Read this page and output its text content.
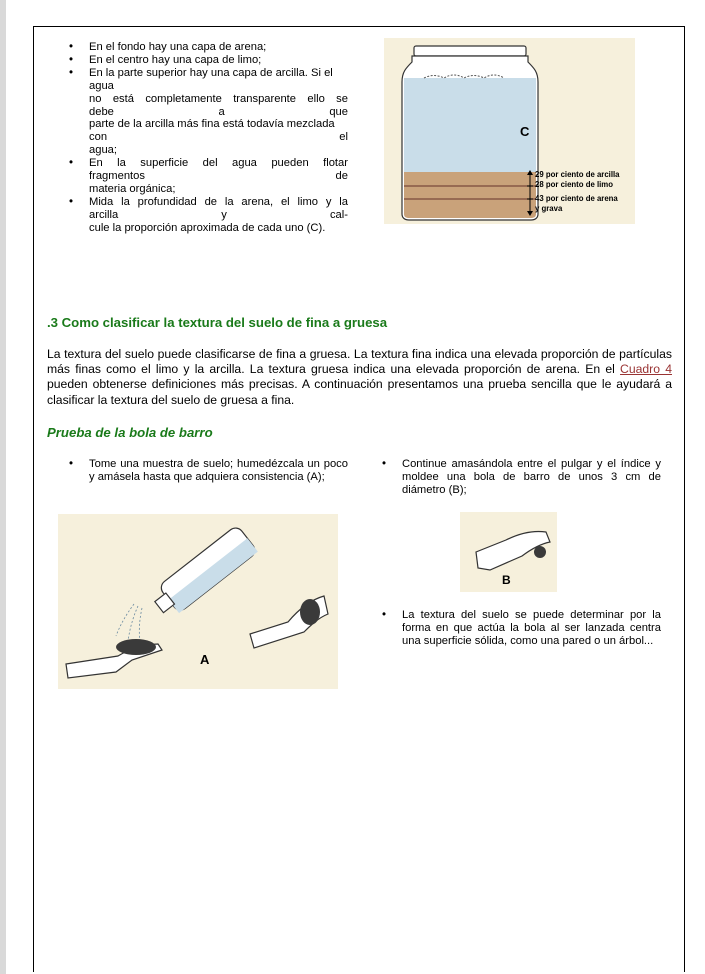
• En el fondo hay una capa de arena;
• En el centro hay una capa de limo;
• En la parte superior hay una capa de arcilla. Si el
agua
no está completamente transparente ello se
debe a que
parte de la arcilla más fina está todavía mezclada
con el
agua;
• En la superficie del agua pueden flotar
fragmentos de
materia orgánica;
• Mida la profundidad de la arena, el limo y la
arcilla y cal-
cule la proporción aproximada de cada uno (C).
C
29 por ciento de arcilla
28 por ciento de limo
43 por ciento de arena
y grava
.3 Como clasificar la textura del suelo de fina a gruesa

La textura del suelo puede clasificarse de fina a gruesa. La textura fina indica una elevada proporción de partículas más finas como el limo y la arcilla. La textura gruesa indica una elevada proporción de arena. En el Cuadro 4 pueden obtenerse definiciones más precisas. A continuación presentamos una prueba sencilla que le ayudará a clasificar la textura del suelo de gruesa a fina.

Prueba de la bola de barro
• Tome una muestra de suelo; humedézcala un poco y amásela hasta que adquiera consistencia (A);
• Continue amasándola entre el pulgar y el índice y moldee una bola de barro de unos 3 cm de diámetro (B);
A
B
• La textura del suelo se puede determinar por la forma en que actúa la bola al ser lanzada centra una superficie sólida, como una pared o un árbol...
